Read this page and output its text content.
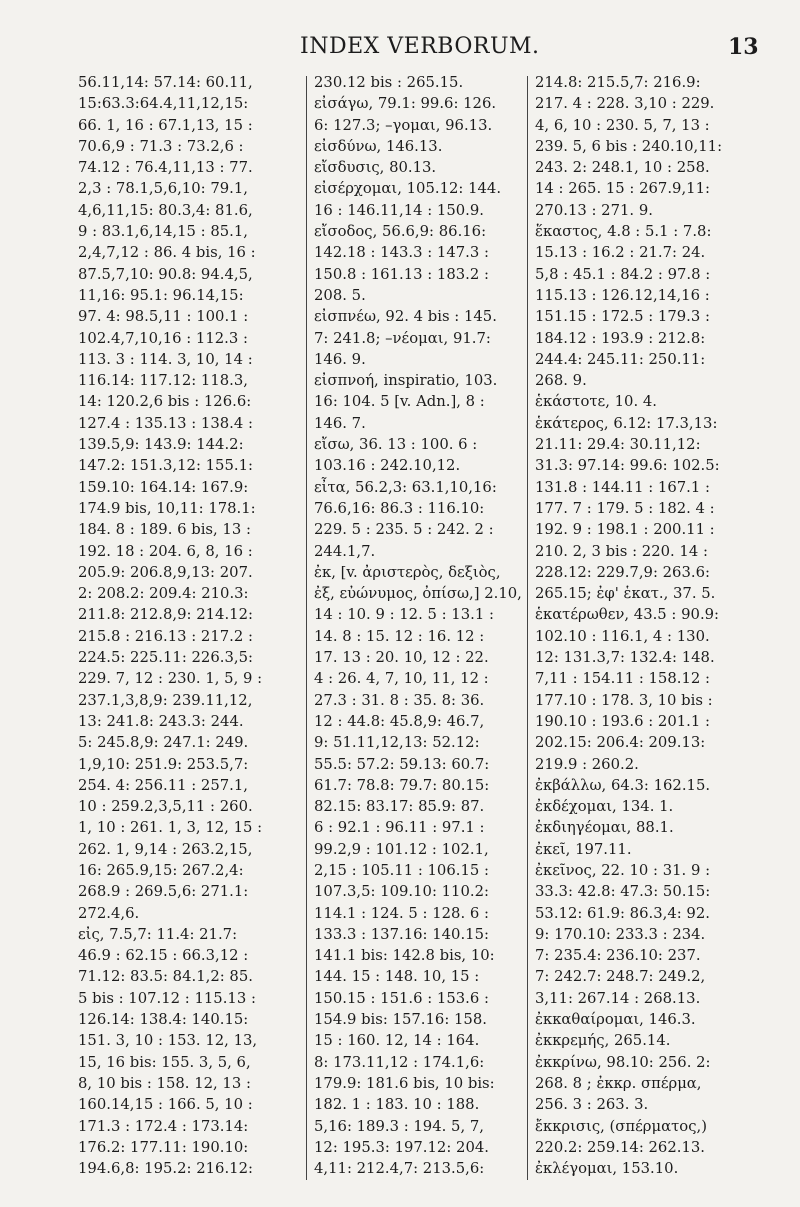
INDEX VERBORUM.	13
56.11,14: 57.14: 60.11,
15:63.3:64.4,11,12,15:
66. 1, 16 : 67.1,13, 15 :
70.6,9 : 71.3 : 73.2,6 :
74.12 : 76.4,11,13 : 77.
2,3 : 78.1,5,6,10: 79.1,
4,6,11,15: 80.3,4: 81.6,
9 : 83.1,6,14,15 : 85.1,
2,4,7,12 : 86. 4 bis, 16 :
87.5,7,10: 90.8: 94.4,5,
11,16: 95.1: 96.14,15:
97. 4: 98.5,11 : 100.1 :
102.4,7,10,16 : 112.3 :
113. 3 : 114. 3, 10, 14 :
116.14: 117.12: 118.3,
14: 120.2,6 bis : 126.6:
127.4 : 135.13 : 138.4 :
139.5,9: 143.9: 144.2:
147.2: 151.3,12: 155.1:
159.10: 164.14: 167.9:
174.9 bis, 10,11: 178.1:
184. 8 : 189. 6 bis, 13 :
192. 18 : 204. 6, 8, 16 :
205.9: 206.8,9,13: 207.
2: 208.2: 209.4: 210.3:
211.8: 212.8,9: 214.12:
215.8 : 216.13 : 217.2 :
224.5: 225.11: 226.3,5:
229. 7, 12 : 230. 1, 5, 9 :
237.1,3,8,9: 239.11,12,
13: 241.8: 243.3: 244.
5: 245.8,9: 247.1: 249.
1,9,10: 251.9: 253.5,7:
254. 4: 256.11 : 257.1,
10 : 259.2,3,5,11 : 260.
1, 10 : 261. 1, 3, 12, 15 :
262. 1, 9,14 : 263.2,15,
16: 265.9,15: 267.2,4:
268.9 : 269.5,6: 271.1:
272.4,6.
εἰς, 7.5,7: 11.4: 21.7:
46.9 : 62.15 : 66.3,12 :
71.12: 83.5: 84.1,2: 85.
5 bis : 107.12 : 115.13 :
126.14: 138.4: 140.15:
151. 3, 10 : 153. 12, 13,
15, 16 bis: 155. 3, 5, 6,
8, 10 bis : 158. 12, 13 :
160.14,15 : 166. 5, 10 :
171.3 : 172.4 : 173.14:
176.2: 177.11: 190.10:
194.6,8: 195.2: 216.12:
230.12 bis : 265.15.
εἰσάγω, 79.1: 99.6: 126.
6: 127.3; –γομαι, 96.13.
εἰσδύνω, 146.13.
εἴσδυσις, 80.13.
εἰσέρχομαι, 105.12: 144.
16 : 146.11,14 : 150.9.
εἴσοδος, 56.6,9: 86.16:
142.18 : 143.3 : 147.3 :
150.8 : 161.13 : 183.2 :
208. 5.
εἰσπνέω, 92. 4 bis : 145.
7: 241.8; –νέομαι, 91.7:
146. 9.
εἰσπνοή, inspiratio, 103.
16: 104. 5 [v. Adn.], 8 :
146. 7.
εἴσω, 36. 13 : 100. 6 :
103.16 : 242.10,12.
εἶτα, 56.2,3: 63.1,10,16:
76.6,16: 86.3 : 116.10:
229. 5 : 235. 5 : 242. 2 :
244.1,7.
ἐκ, [v. ἀριστερὸς, δεξιὸς,
ἐξ, εὐώνυμος, ὀπίσω,] 2.10,
14 : 10. 9 : 12. 5 : 13.1 :
14. 8 : 15. 12 : 16. 12 :
17. 13 : 20. 10, 12 : 22.
4 : 26. 4, 7, 10, 11, 12 :
27.3 : 31. 8 : 35. 8: 36.
12 : 44.8: 45.8,9: 46.7,
9: 51.11,12,13: 52.12:
55.5: 57.2: 59.13: 60.7:
61.7: 78.8: 79.7: 80.15:
82.15: 83.17: 85.9: 87.
6 : 92.1 : 96.11 : 97.1 :
99.2,9 : 101.12 : 102.1,
2,15 : 105.11 : 106.15 :
107.3,5: 109.10: 110.2:
114.1 : 124. 5 : 128. 6 :
133.3 : 137.16: 140.15:
141.1 bis: 142.8 bis, 10:
144. 15 : 148. 10, 15 :
150.15 : 151.6 : 153.6 :
154.9 bis: 157.16: 158.
15 : 160. 12, 14 : 164.
8: 173.11,12 : 174.1,6:
179.9: 181.6 bis, 10 bis:
182. 1 : 183. 10 : 188.
5,16: 189.3 : 194. 5, 7,
12: 195.3: 197.12: 204.
4,11: 212.4,7: 213.5,6:
214.8: 215.5,7: 216.9:
217. 4 : 228. 3,10 : 229.
4, 6, 10 : 230. 5, 7, 13 :
239. 5, 6 bis : 240.10,11:
243. 2: 248.1, 10 : 258.
14 : 265. 15 : 267.9,11:
270.13 : 271. 9.
ἕκαστος, 4.8 : 5.1 : 7.8:
15.13 : 16.2 : 21.7: 24.
5,8 : 45.1 : 84.2 : 97.8 :
115.13 : 126.12,14,16 :
151.15 : 172.5 : 179.3 :
184.12 : 193.9 : 212.8:
244.4: 245.11: 250.11:
268. 9.
ἑκάστοτε, 10. 4.
ἑκάτερος, 6.12: 17.3,13:
21.11: 29.4: 30.11,12:
31.3: 97.14: 99.6: 102.5:
131.8 : 144.11 : 167.1 :
177. 7 : 179. 5 : 182. 4 :
192. 9 : 198.1 : 200.11 :
210. 2, 3 bis : 220. 14 :
228.12: 229.7,9: 263.6:
265.15; ἐφ' ἑκατ., 37. 5.
ἑκατέρωθεν, 43.5 : 90.9:
102.10 : 116.1, 4 : 130.
12: 131.3,7: 132.4: 148.
7,11 : 154.11 : 158.12 :
177.10 : 178. 3, 10 bis :
190.10 : 193.6 : 201.1 :
202.15: 206.4: 209.13:
219.9 : 260.2.
ἐκβάλλω, 64.3: 162.15.
ἐκδέχομαι, 134. 1.
ἐκδιηγέομαι, 88.1.
ἐκεῖ, 197.11.
ἐκεῖνος, 22. 10 : 31. 9 :
33.3: 42.8: 47.3: 50.15:
53.12: 61.9: 86.3,4: 92.
9: 170.10: 233.3 : 234.
7: 235.4: 236.10: 237.
7: 242.7: 248.7: 249.2,
3,11: 267.14 : 268.13.
ἐκκαθαίρομαι, 146.3.
ἐκκρεμής, 265.14.
ἐκκρίνω, 98.10: 256. 2:
268. 8 ; ἐκκρ. σπέρμα,
256. 3 : 263. 3.
ἔκκρισις, (σπέρματος,)
220.2: 259.14: 262.13.
ἐκλέγομαι, 153.10.
